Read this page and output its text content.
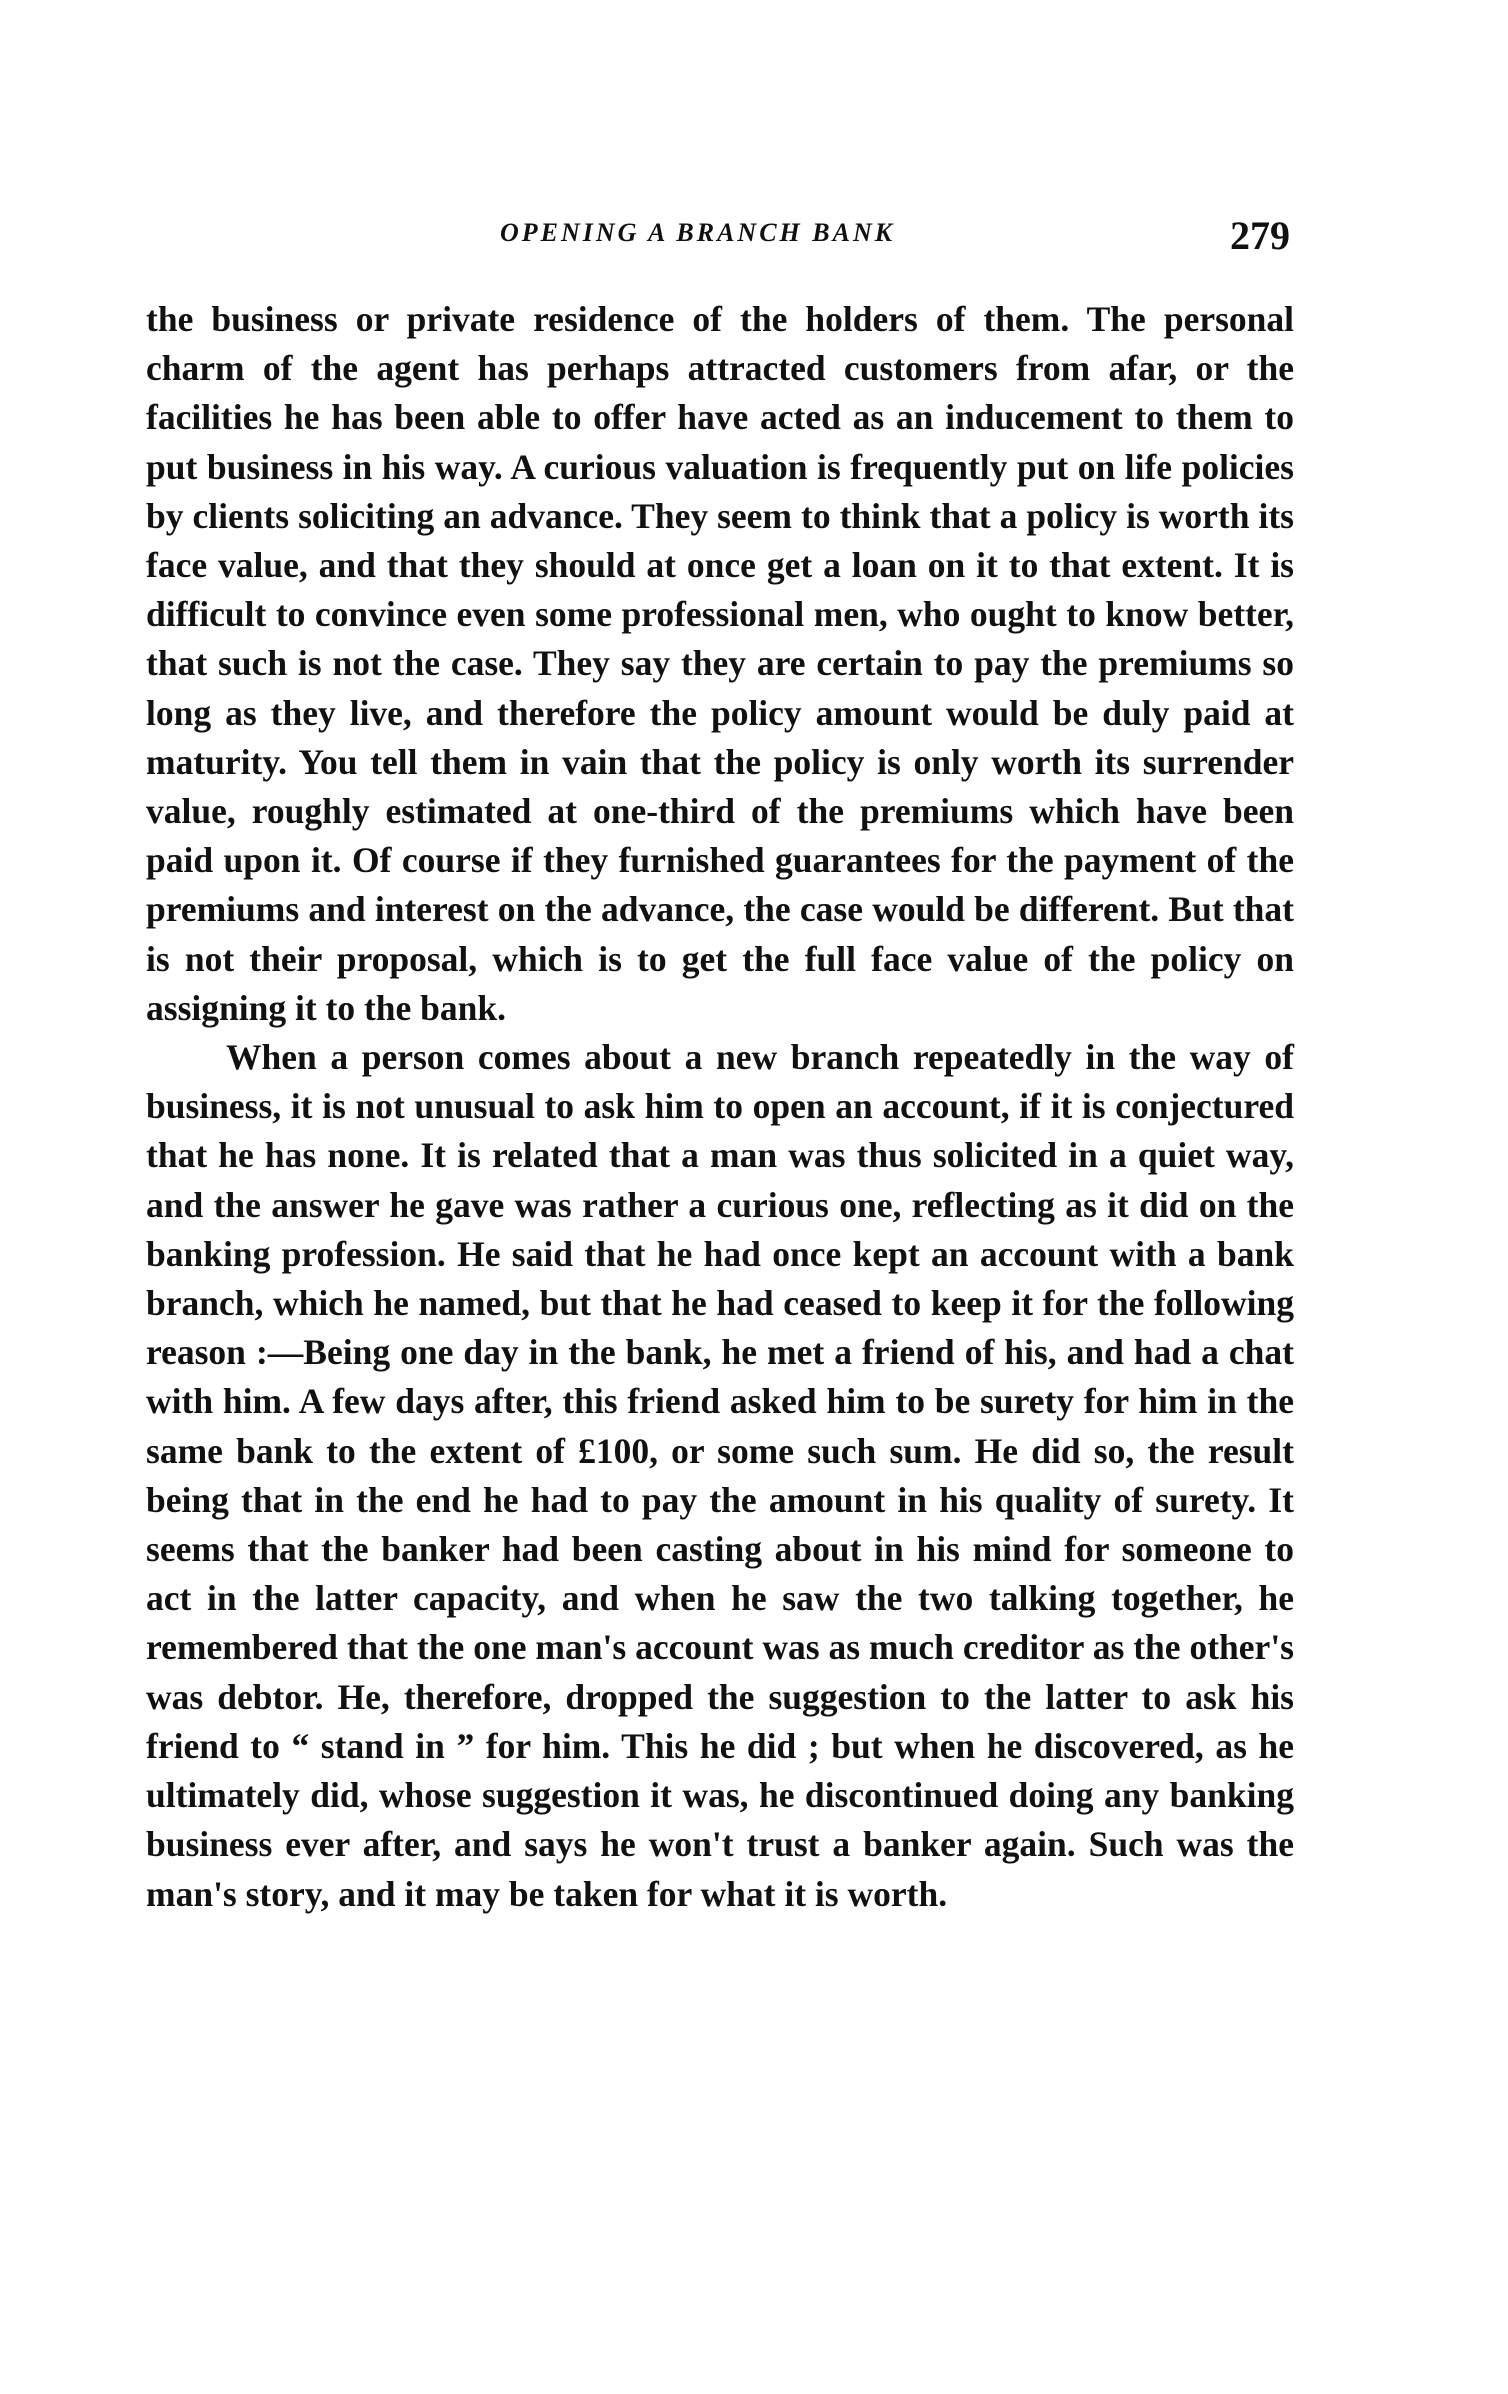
OPENING A BRANCH BANK	279

the business or private residence of the holders of them. The personal charm of the agent has perhaps attracted customers from afar, or the facilities he has been able to offer have acted as an inducement to them to put business in his way. A curious valuation is frequently put on life policies by clients soliciting an advance. They seem to think that a policy is worth its face value, and that they should at once get a loan on it to that extent. It is difficult to convince even some professional men, who ought to know better, that such is not the case. They say they are certain to pay the premiums so long as they live, and therefore the policy amount would be duly paid at maturity. You tell them in vain that the policy is only worth its surrender value, roughly estimated at one-third of the premiums which have been paid upon it. Of course if they furnished guarantees for the payment of the premiums and interest on the advance, the case would be different. But that is not their proposal, which is to get the full face value of the policy on assigning it to the bank.

When a person comes about a new branch repeatedly in the way of business, it is not unusual to ask him to open an account, if it is conjectured that he has none. It is related that a man was thus solicited in a quiet way, and the answer he gave was rather a curious one, reflecting as it did on the banking profession. He said that he had once kept an account with a bank branch, which he named, but that he had ceased to keep it for the following reason :—Being one day in the bank, he met a friend of his, and had a chat with him. A few days after, this friend asked him to be surety for him in the same bank to the extent of £100, or some such sum. He did so, the result being that in the end he had to pay the amount in his quality of surety. It seems that the banker had been casting about in his mind for someone to act in the latter capacity, and when he saw the two talking together, he remembered that the one man's account was as much creditor as the other's was debtor. He, therefore, dropped the suggestion to the latter to ask his friend to “ stand in ” for him. This he did ; but when he discovered, as he ultimately did, whose suggestion it was, he discontinued doing any banking business ever after, and says he won't trust a banker again. Such was the man's story, and it may be taken for what it is worth.
